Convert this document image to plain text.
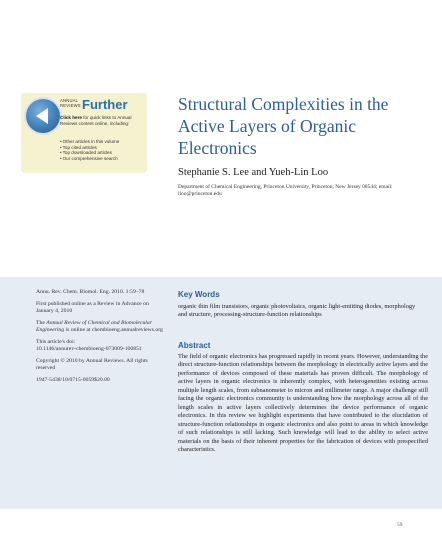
ANNUAL REVIEWS Further
Click here for quick links to Annual Reviews content online, including:
• Other articles in this volume
• Top cited articles
• Top downloaded articles
• Our comprehensive search
Structural Complexities in the Active Layers of Organic Electronics
Stephanie S. Lee and Yueh-Lin Loo
Department of Chemical Engineering, Princeton University, Princeton, New Jersey 08544; email: lloo@princeton.edu

Annu. Rev. Chem. Biomol. Eng. 2010. 1:59–78

First published online as a Review in Advance on January 4, 2010

The Annual Review of Chemical and Biomolecular Engineering is online at chembioeng.annualreviews.org

This article's doi:
10.1146/annurev-chembioeng-073009-100851

Copyright © 2010 by Annual Reviews. All rights reserved

1947-5438/10/0715-0059$20.00

Key Words
organic thin film transistors, organic photovoltaics, organic light-emitting diodes, morphology and structure, processing-structure-function relationships
Abstract
The field of organic electronics has progressed rapidly in recent years. However, understanding the direct structure-function relationships between the morphology in electrically active layers and the performance of devices composed of these materials has proven difficult. The morphology of active layers in organic electronics is inherently complex, with heterogeneities existing across multiple length scales, from subnanometer to micron and millimeter range. A major challenge still facing the organic electronics community is understanding how the morphology across all of the length scales in active layers collectively determines the device performance of organic electronics. In this review we highlight experiments that have contributed to the elucidation of structure-function relationships in organic electronics and also point to areas in which knowledge of such relationships is still lacking. Such knowledge will lead to the ability to select active materials on the basis of their inherent properties for the fabrication of devices with prespecified characteristics.
59
